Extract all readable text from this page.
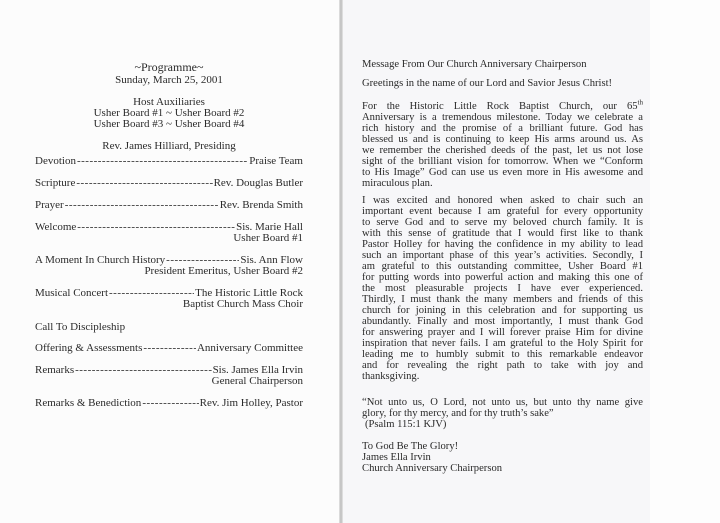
~Programme~
Sunday, March 25, 2001
Host Auxiliaries
Usher Board #1 ~ Usher Board #2
Usher Board #3 ~ Usher Board #4
Rev. James Hilliard, Presiding
Devotion -----	Praise Team
Scripture -----	Rev. Douglas Butler
Prayer -----	Rev. Brenda Smith
Welcome -----	Sis. Marie Hall
Usher Board #1
A Moment In Church History -----	Sis. Ann Flow
President Emeritus, Usher Board #2
Musical Concert -----	The Historic Little Rock
Baptist Church Mass Choir
Call To Discipleship
Offering & Assessments -----	Anniversary Committee
Remarks -----	Sis. James Ella Irvin
General Chairperson
Remarks & Benediction -----	Rev. Jim Holley, Pastor
Message From Our Church Anniversary Chairperson
Greetings in the name of our Lord and Savior Jesus Christ!
For the Historic Little Rock Baptist Church, our 65th
Anniversary is a tremendous milestone. Today we celebrate a
rich history and the promise of a brilliant future. God has
blessed us and is continuing to keep His arms around us. As
we remember the cherished deeds of the past, let us not lose
sight of the brilliant vision for tomorrow. When we “Conform
to His Image” God can use us even more in His awesome and
miraculous plan.
I was excited and honored when asked to chair such an
important event because I am grateful for every opportunity
to serve God and to serve my beloved church family. It is
with this sense of gratitude that I would first like to thank
Pastor Holley for having the confidence in my ability to lead
such an important phase of this year’s activities. Secondly, I
am grateful to this outstanding committee, Usher Board #1
for putting words into powerful action and making this one of
the most pleasurable projects I have ever experienced.
Thirdly, I must thank the many members and friends of this
church for joining in this celebration and for supporting us
abundantly. Finally and most importantly, I must thank God
for answering prayer and I will forever praise Him for divine
inspiration that never fails. I am grateful to the Holy Spirit for
leading me to humbly submit to this remarkable endeavor
and for revealing the right path to take with joy and
thanksgiving.
“Not unto us, O Lord, not unto us, but unto thy name give
glory, for thy mercy, and for thy truth’s sake”
(Psalm 115:1 KJV)
To God Be The Glory!
James Ella Irvin
Church Anniversary Chairperson
